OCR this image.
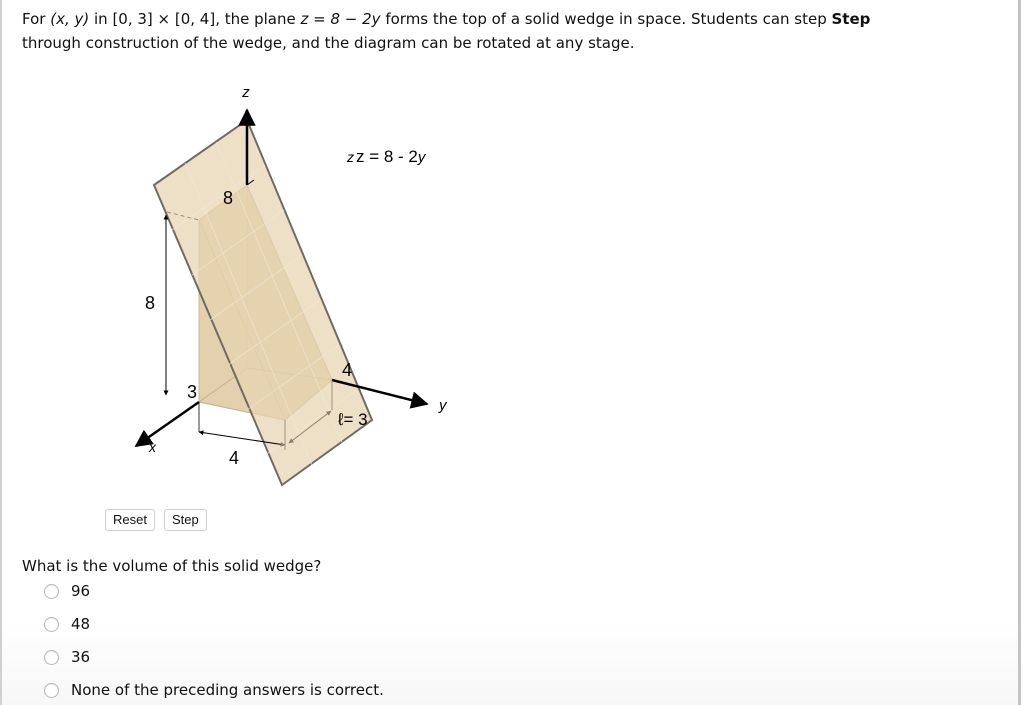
For (x, y) in [0, 3] × [0, 4], the plane z = 8 − 2y forms the top of a solid wedge in space. Students can step Step
through construction of the wedge, and the diagram can be rotated at any stage.
z
y
x
z z = 8 - 2y
8
8
3
4
4
ℓ= 3
Reset	Step
What is the volume of this solid wedge?
96
48
36
None of the preceding answers is correct.
